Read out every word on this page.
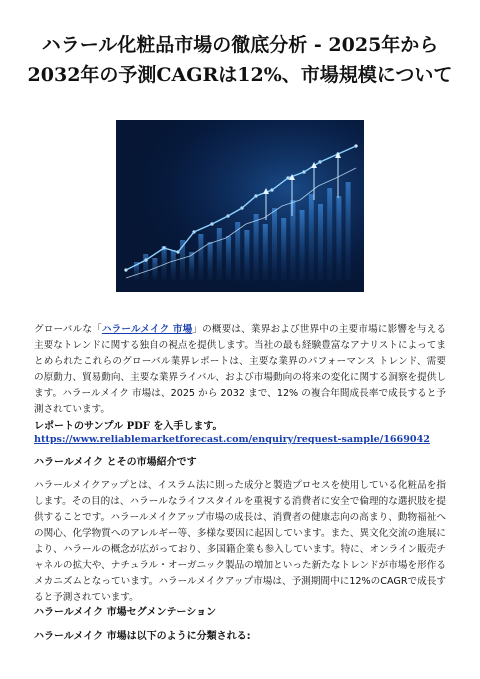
ハラール化粧品市場の徹底分析 - 2025年から
2032年の予測CAGRは12%、市場規模について

グローバルな「ハラールメイク 市場」の概要は、業界および世界中の主要市場に影響を与える主要なトレンドに関する独自の視点を提供します。当社の最も経験豊富なアナリストによってまとめられたこれらのグローバル業界レポートは、主要な業界のパフォーマンス トレンド、需要の原動力、貿易動向、主要な業界ライバル、および市場動向の将来の変化に関する洞察を提供します。ハラールメイク 市場は、2025 から 2032 まで、12% の複合年間成長率で成長すると予測されています。

レポートのサンプル PDF を入手します。

https://www.reliablemarketforecast.com/enquiry/request-sample/1669042

ハラールメイク とその市場紹介です

ハラールメイクアップとは、イスラム法に則った成分と製造プロセスを使用している化粧品を指します。その目的は、ハラールなライフスタイルを重視する消費者に安全で倫理的な選択肢を提供することです。ハラールメイクアップ市場の成長は、消費者の健康志向の高まり、動物福祉への関心、化学物質へのアレルギー等、多様な要因に起因しています。また、異文化交流の進展により、ハラールの概念が広がっており、多国籍企業も参入しています。特に、オンライン販売チャネルの拡大や、ナチュラル・オーガニック製品の増加といった新たなトレンドが市場を形作るメカニズムとなっています。ハラールメイクアップ市場は、予測期間中に12%のCAGRで成長すると予測されています。

ハラールメイク 市場セグメンテーション

ハラールメイク 市場は以下のように分類される:
